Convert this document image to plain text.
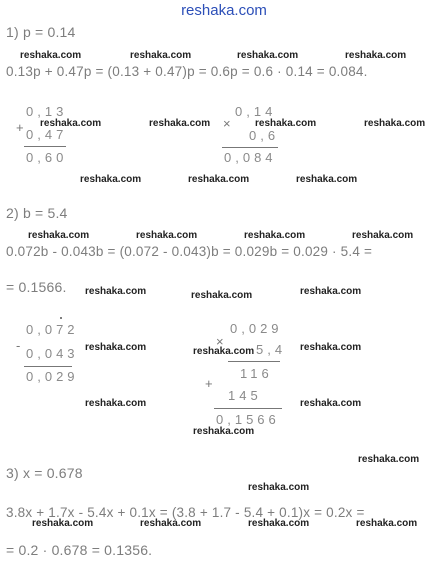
reshaka.com
1) p = 0.14
0.13p + 0.47p = (0.13 + 0.47)p = 0.6p = 0.6 · 0.14 = 0.084.
+
0,13
0,47
0,60
×
0,14
0,6
0,084
2) b = 5.4
0.072b - 0.043b = (0.072 - 0.043)b = 0.029b = 0.029 · 5.4 =
= 0.1566.
-
0,072
0,043
0,029
×
0,029
5,4
116
+
145
0,1566
3) x = 0.678
3.8x + 1.7x - 5.4x + 0.1x = (3.8 + 1.7 - 5.4 + 0.1)x = 0.2x =
= 0.2 · 0.678 = 0.1356.
reshaka.com	reshaka.com	reshaka.com	reshaka.com
reshaka.com	reshaka.com	reshaka.com	reshaka.com
reshaka.com	reshaka.com	reshaka.com
reshaka.com	reshaka.com	reshaka.com	reshaka.com
reshaka.com	reshaka.com	reshaka.com
reshaka.com	reshaka.com	reshaka.com
reshaka.com
reshaka.com
reshaka.com
reshaka.com
reshaka.com
reshaka.com	reshaka.com	reshaka.com	reshaka.com
